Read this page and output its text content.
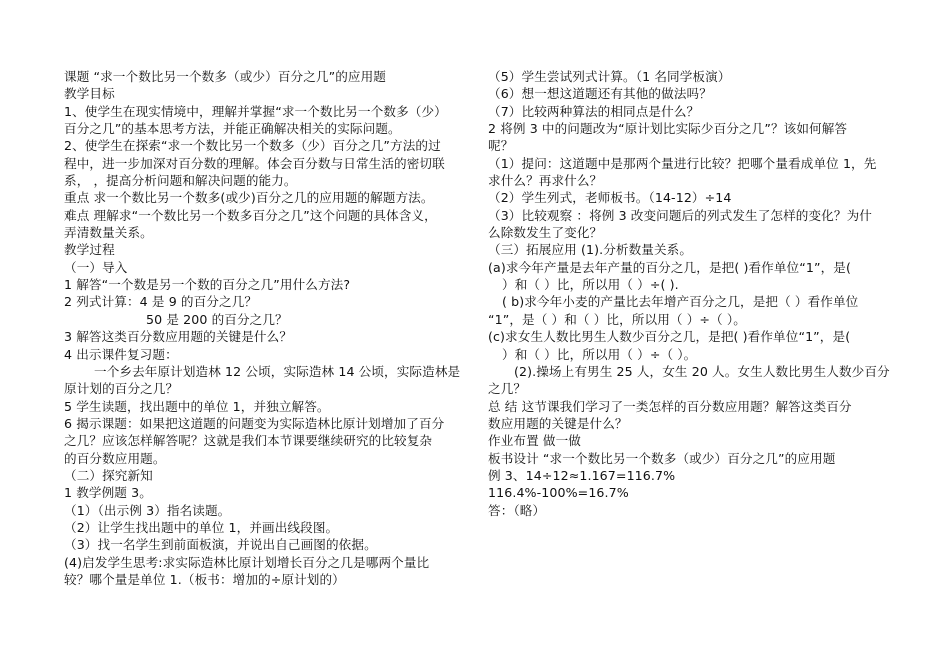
课题 “求一个数比另一个数多（或少）百分之几”的应用题
教学目标
1、使学生在现实情境中，理解并掌握“求一个数比另一个数多（少）
百分之几”的基本思考方法，并能正确解决相关的实际问题。
2、使学生在探索“求一个数比另一个数多（少）百分之几”方法的过
程中，进一步加深对百分数的理解。体会百分数与日常生活的密切联
系， ，提高分析问题和解决问题的能力。
重点 求一个数比另一个数多(或少)百分之几的应用题的解题方法。
难点 理解求“一个数比另一个数多百分之几”这个问题的具体含义，
弄清数量关系。
教学过程
（一）导入
1 解答“一个数是另一个数的百分之几”用什么方法?
2 列式计算：4 是 9 的百分之几？
50 是 200 的百分之几？
3 解答这类百分数应用题的关键是什么？
4 出示课件复习题：
一个乡去年原计划造林 12 公顷，实际造林 14 公顷，实际造林是
原计划的百分之几？
5 学生读题，找出题中的单位 1，并独立解答。
6 揭示课题：如果把这道题的问题变为实际造林比原计划增加了百分
之几？应该怎样解答呢？这就是我们本节课要继续研究的比较复杂
的百分数应用题。
（二）探究新知
1 教学例题 3。
（1）（出示例 3）指名读题。
（2）让学生找出题中的单位 1，并画出线段图。
（3）找一名学生到前面板演，并说出自己画图的依据。
(4)启发学生思考:求实际造林比原计划增长百分之几是哪两个量比
较？哪个量是单位 1.（板书：增加的÷原计划的）
（5）学生尝试列式计算。（1 名同学板演）
（6）想一想这道题还有其他的做法吗？
（7）比较两种算法的相同点是什么？
2 将例 3 中的问题改为“原计划比实际少百分之几”？该如何解答
呢？
（1）提问：这道题中是那两个量进行比较？把哪个量看成单位 1，先
求什么？再求什么？
（2）学生列式，老师板书。（14-12）÷14
（3）比较观察 ：将例 3 改变问题后的列式发生了怎样的变化？为什
么除数发生了变化？
（三）拓展应用 (1).分析数量关系。
(a)求今年产量是去年产量的百分之几，是把( )看作单位“1”，是(
）和（ ）比，所以用（ ）÷( ).
( b)求今年小麦的产量比去年增产百分之几，是把（ ）看作单位
“1”，是（ ）和（ ）比，所以用（ ）÷（ ）。
(c)求女生人数比男生人数少百分之几，是把( )看作单位“1”，是(
）和（ ）比，所以用（ ）÷（ ）。
(2).操场上有男生 25 人，女生 20 人。女生人数比男生人数少百分
之几？
总 结 这节课我们学习了一类怎样的百分数应用题？解答这类百分
数应用题的关键是什么？
作业布置 做一做
板书设计 “求一个数比另一个数多（或少）百分之几”的应用题
例 3、14÷12≈1.167=116.7%
116.4%-100%=16.7%
答：（略）
